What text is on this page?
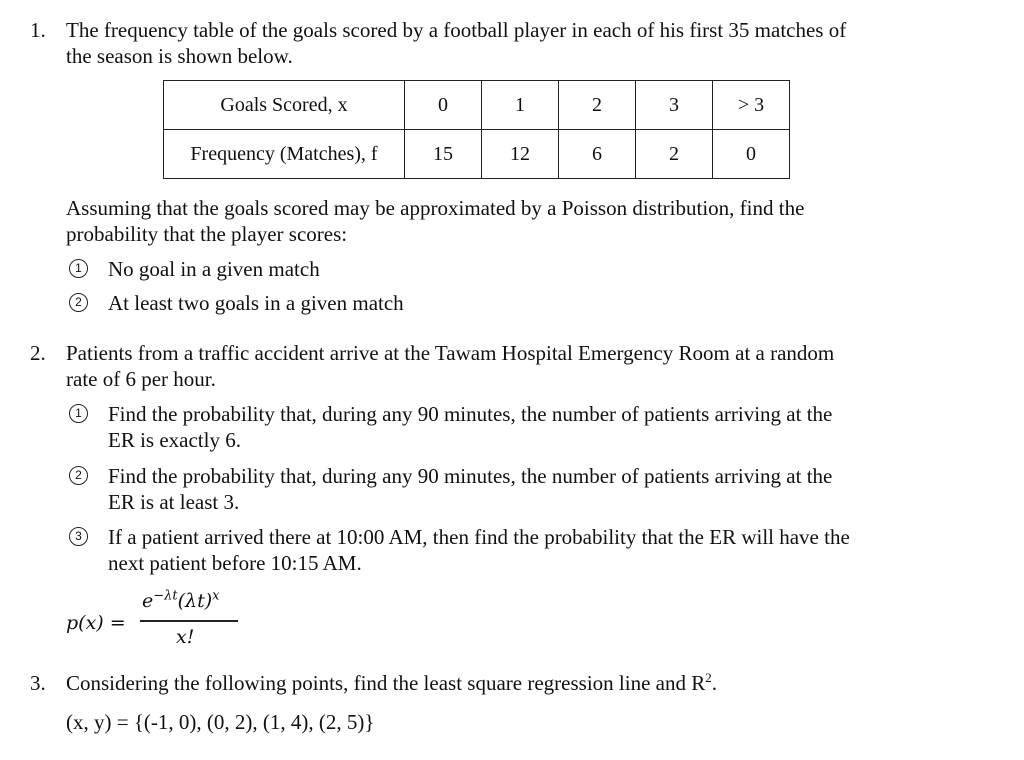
1. The frequency table of the goals scored by a football player in each of his first 35 matches of
the season is shown below.
Goals Scored, x	0	1	2	3	> 3
Frequency (Matches), f	15	12	6	2	0
Assuming that the goals scored may be approximated by a Poisson distribution, find the
probability that the player scores:
1 No goal in a given match
2 At least two goals in a given match
2. Patients from a traffic accident arrive at the Tawam Hospital Emergency Room at a random
rate of 6 per hour.
1 Find the probability that, during any 90 minutes, the number of patients arriving at the
ER is exactly 6.
2 Find the probability that, during any 90 minutes, the number of patients arriving at the
ER is at least 3.
3 If a patient arrived there at 10:00 AM, then find the probability that the ER will have the
next patient before 10:15 AM.
p(x) =
$e^{-\lambda t}(\lambda t)^x$
x!
3. Considering the following points, find the least square regression line and $R^2$.
(x, y) = {(-1, 0), (0, 2), (1, 4), (2, 5)}
